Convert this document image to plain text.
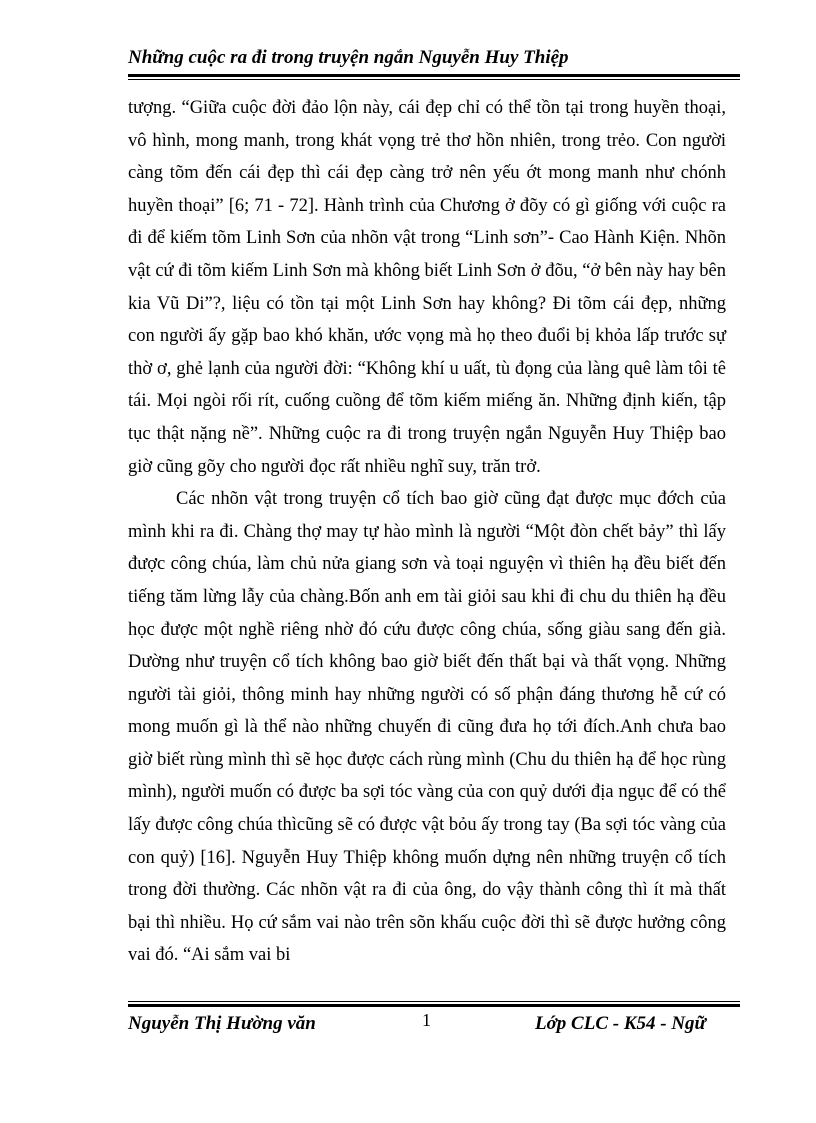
Những cuộc ra đi trong truyện ngắn Nguyễn Huy Thiệp

tượng. “Giữa cuộc đời đảo lộn này, cái đẹp chỉ có thể tồn tại trong huyền thoại, vô hình, mong manh, trong khát vọng trẻ thơ hồn nhiên, trong trẻo. Con người càng tõm đến cái đẹp thì cái đẹp càng trở nên yếu ớt mong manh như chónh huyền thoại” [6; 71 - 72]. Hành trình của Chương ở đõy có gì giống với cuộc ra đi để kiếm tõm Linh Sơn của nhõn vật trong “Linh sơn”- Cao Hành Kiện. Nhõn vật cứ đi tõm kiếm Linh Sơn mà không biết Linh Sơn ở đõu, “ở bên này hay bên kia Vũ Di”?, liệu có tồn tại một Linh Sơn hay không? Đi tõm cái đẹp, những con người ấy gặp bao khó khăn, ước vọng mà họ theo đuổi bị khỏa lấp trước sự thờ ơ, ghẻ lạnh của người đời: “Không khí u uất, tù đọng của làng quê làm tôi tê tái. Mọi ngòi rối rít, cuống cuồng để tõm kiếm miếng ăn. Những định kiến, tập tục thật nặng nề”. Những cuộc ra đi trong truyện ngắn Nguyễn Huy Thiệp bao giờ cũng gõy cho người đọc rất nhiều nghĩ suy, trăn trở.

Các nhõn vật trong truyện cổ tích bao giờ cũng đạt được mục đớch của mình khi ra đi. Chàng thợ may tự hào mình là người “Một đòn chết bảy” thì lấy được công chúa, làm chủ nửa giang sơn và toại nguyện vì thiên hạ đều biết đến tiếng tăm lừng lẫy của chàng.Bốn anh em tài giỏi sau khi đi chu du thiên hạ đều học được một nghề riêng nhờ đó cứu được công chúa, sống giàu sang đến già. Dường như truyện cổ tích không bao giờ biết đến thất bại và thất vọng. Những người tài giỏi, thông minh hay những người có số phận đáng thương hễ cứ có mong muốn gì là thể nào những chuyến đi cũng đưa họ tới đích.Anh chưa bao giờ biết rùng mình thì sẽ học được cách rùng mình (Chu du thiên hạ để học rùng mình), người muốn có được ba sợi tóc vàng của con quỷ dưới địa ngục để có thể lấy được công chúa thìcũng sẽ có được vật bỏu ấy trong tay (Ba sợi tóc vàng của con quỷ) [16]. Nguyễn Huy Thiệp không muốn dựng nên những truyện cổ tích trong đời thường. Các nhõn vật ra đi của ông, do vậy thành công thì ít mà thất bại thì nhiều. Họ cứ sắm vai nào trên sõn khấu cuộc đời thì sẽ được hưởng công vai đó. “Ai sắm vai bi

Nguyễn Thị Hường văn	1	Lớp CLC - K54 - Ngữ
